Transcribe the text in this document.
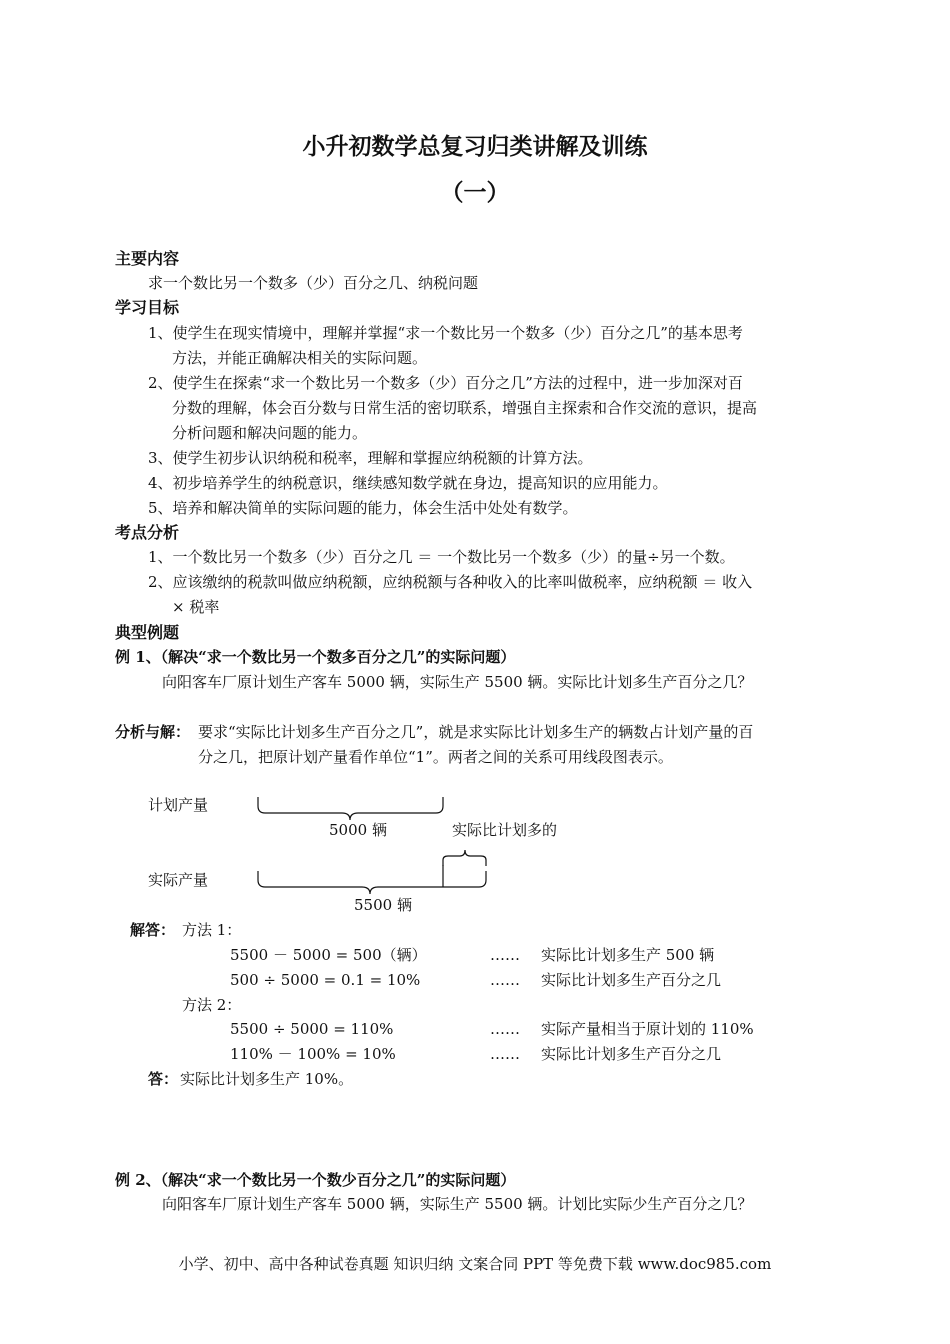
小升初数学总复习归类讲解及训练
（一）
主要内容
求一个数比另一个数多（少）百分之几、纳税问题
学习目标
1、使学生在现实情境中，理解并掌握“求一个数比另一个数多（少）百分之几”的基本思考
方法，并能正确解决相关的实际问题。
2、使学生在探索“求一个数比另一个数多（少）百分之几”方法的过程中，进一步加深对百
分数的理解，体会百分数与日常生活的密切联系，增强自主探索和合作交流的意识，提高
分析问题和解决问题的能力。
3、使学生初步认识纳税和税率，理解和掌握应纳税额的计算方法。
4、初步培养学生的纳税意识，继续感知数学就在身边，提高知识的应用能力。
5、培养和解决简单的实际问题的能力，体会生活中处处有数学。
考点分析
1、一个数比另一个数多（少）百分之几 ＝ 一个数比另一个数多（少）的量÷另一个数。
2、应该缴纳的税款叫做应纳税额，应纳税额与各种收入的比率叫做税率，应纳税额 ＝ 收入
× 税率
典型例题
例 1、（解决“求一个数比另一个数多百分之几”的实际问题）
向阳客车厂原计划生产客车 5000 辆，实际生产 5500 辆。实际比计划多生产百分之几？
分析与解： 要求“实际比计划多生产百分之几”，就是求实际比计划多生产的辆数占计划产量的百
分之几，把原计划产量看作单位“1”。两者之间的关系可用线段图表示。
计划产量
5000 辆	实际比计划多的
实际产量
5500 辆
解答： 方法 1：
5500 － 5000 = 500（辆）	…… 实际比计划多生产 500 辆
500 ÷ 5000 = 0.1 = 10%	…… 实际比计划多生产百分之几
方法 2：
5500 ÷ 5000 = 110%	…… 实际产量相当于原计划的 110%
110% － 100% = 10%	…… 实际比计划多生产百分之几
答： 实际比计划多生产 10%。
例 2、（解决“求一个数比另一个数少百分之几”的实际问题）
向阳客车厂原计划生产客车 5000 辆，实际生产 5500 辆。计划比实际少生产百分之几？
小学、初中、高中各种试卷真题 知识归纳 文案合同 PPT 等免费下载 www.doc985.com
